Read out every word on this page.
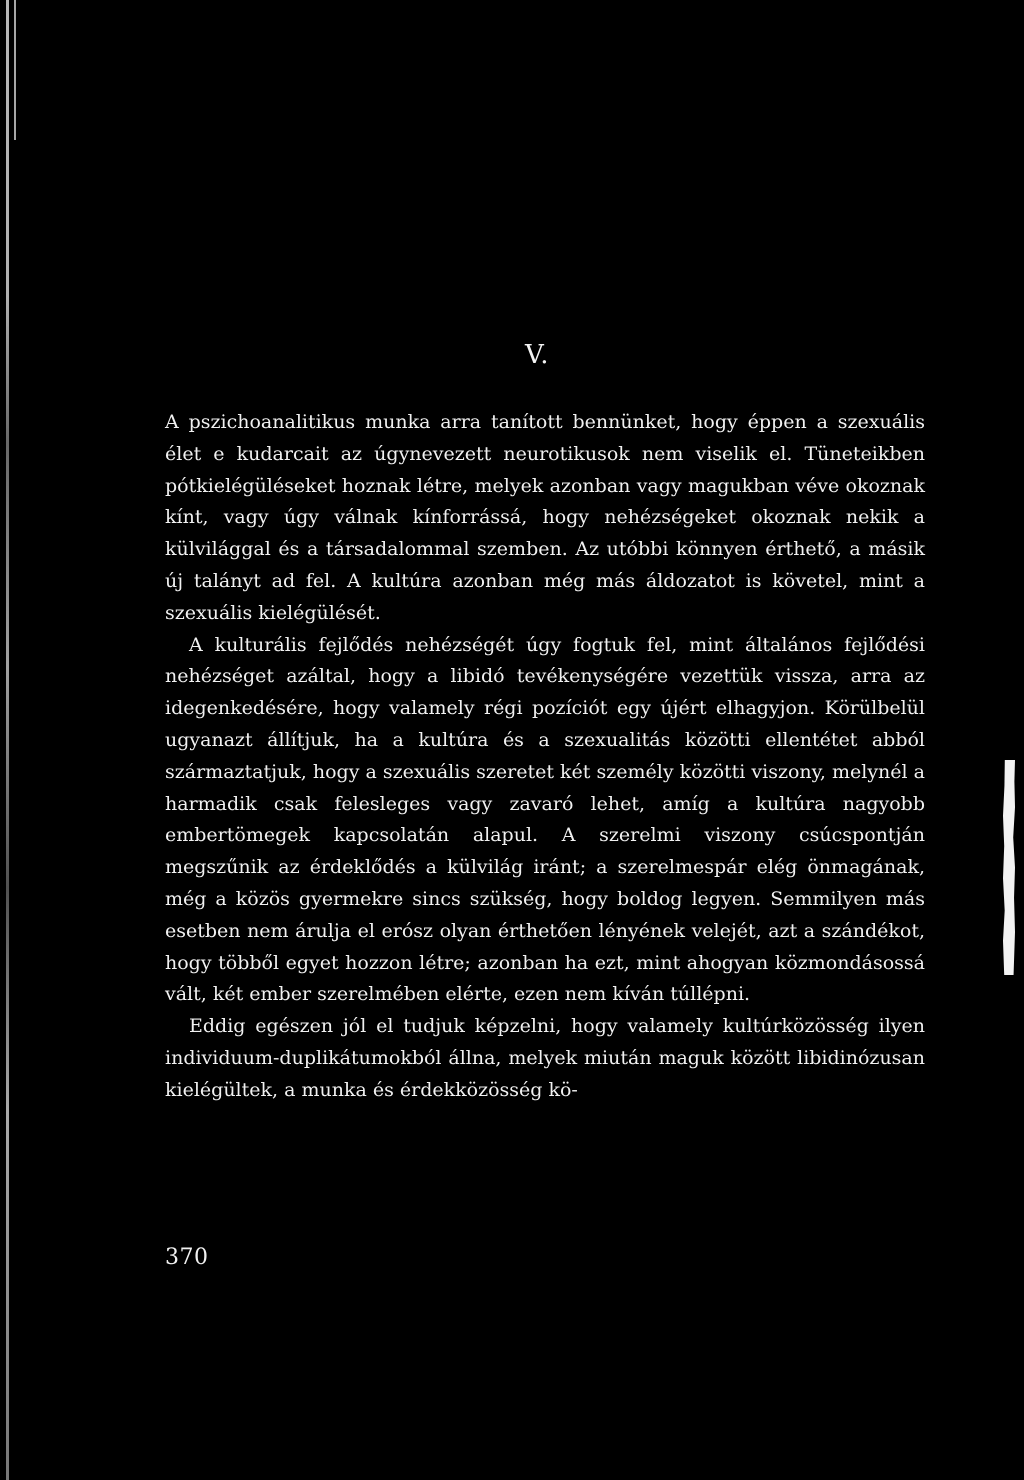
V.

A pszichoanalitikus munka arra tanított bennünket, hogy éppen a szexuális élet e kudarcait az úgynevezett neurotikusok nem viselik el. Tüneteikben pótkielégüléseket hoznak létre, melyek azonban vagy magukban véve okoznak kínt, vagy úgy válnak kínforrássá, hogy nehézségeket okoznak nekik a külvilággal és a társadalommal szemben. Az utóbbi könnyen érthető, a másik új talányt ad fel. A kultúra azonban még más áldozatot is követel, mint a szexuális kielégülését.

A kulturális fejlődés nehézségét úgy fogtuk fel, mint általános fejlődési nehézséget azáltal, hogy a libidó tevékenységére vezettük vissza, arra az idegenkedésére, hogy valamely régi pozíciót egy újért elhagyjon. Körülbelül ugyanazt állítjuk, ha a kultúra és a szexualitás közötti ellentétet abból származtatjuk, hogy a szexuális szeretet két személy közötti viszony, melynél a harmadik csak felesleges vagy zavaró lehet, amíg a kultúra nagyobb embertömegek kapcsolatán alapul. A szerelmi viszony csúcspontján megszűnik az érdeklődés a külvilág iránt; a szerelmespár elég önmagának, még a közös gyermekre sincs szükség, hogy boldog legyen. Semmilyen más esetben nem árulja el erósz olyan érthetően lényének velejét, azt a szándékot, hogy többől egyet hozzon létre; azonban ha ezt, mint ahogyan közmondásossá vált, két ember szerelmében elérte, ezen nem kíván túllépni.

Eddig egészen jól el tudjuk képzelni, hogy valamely kultúrközösség ilyen individuum-duplikátumokból állna, melyek miután maguk között libidinózusan kielégültek, a munka és érdekközösség kö-

370
